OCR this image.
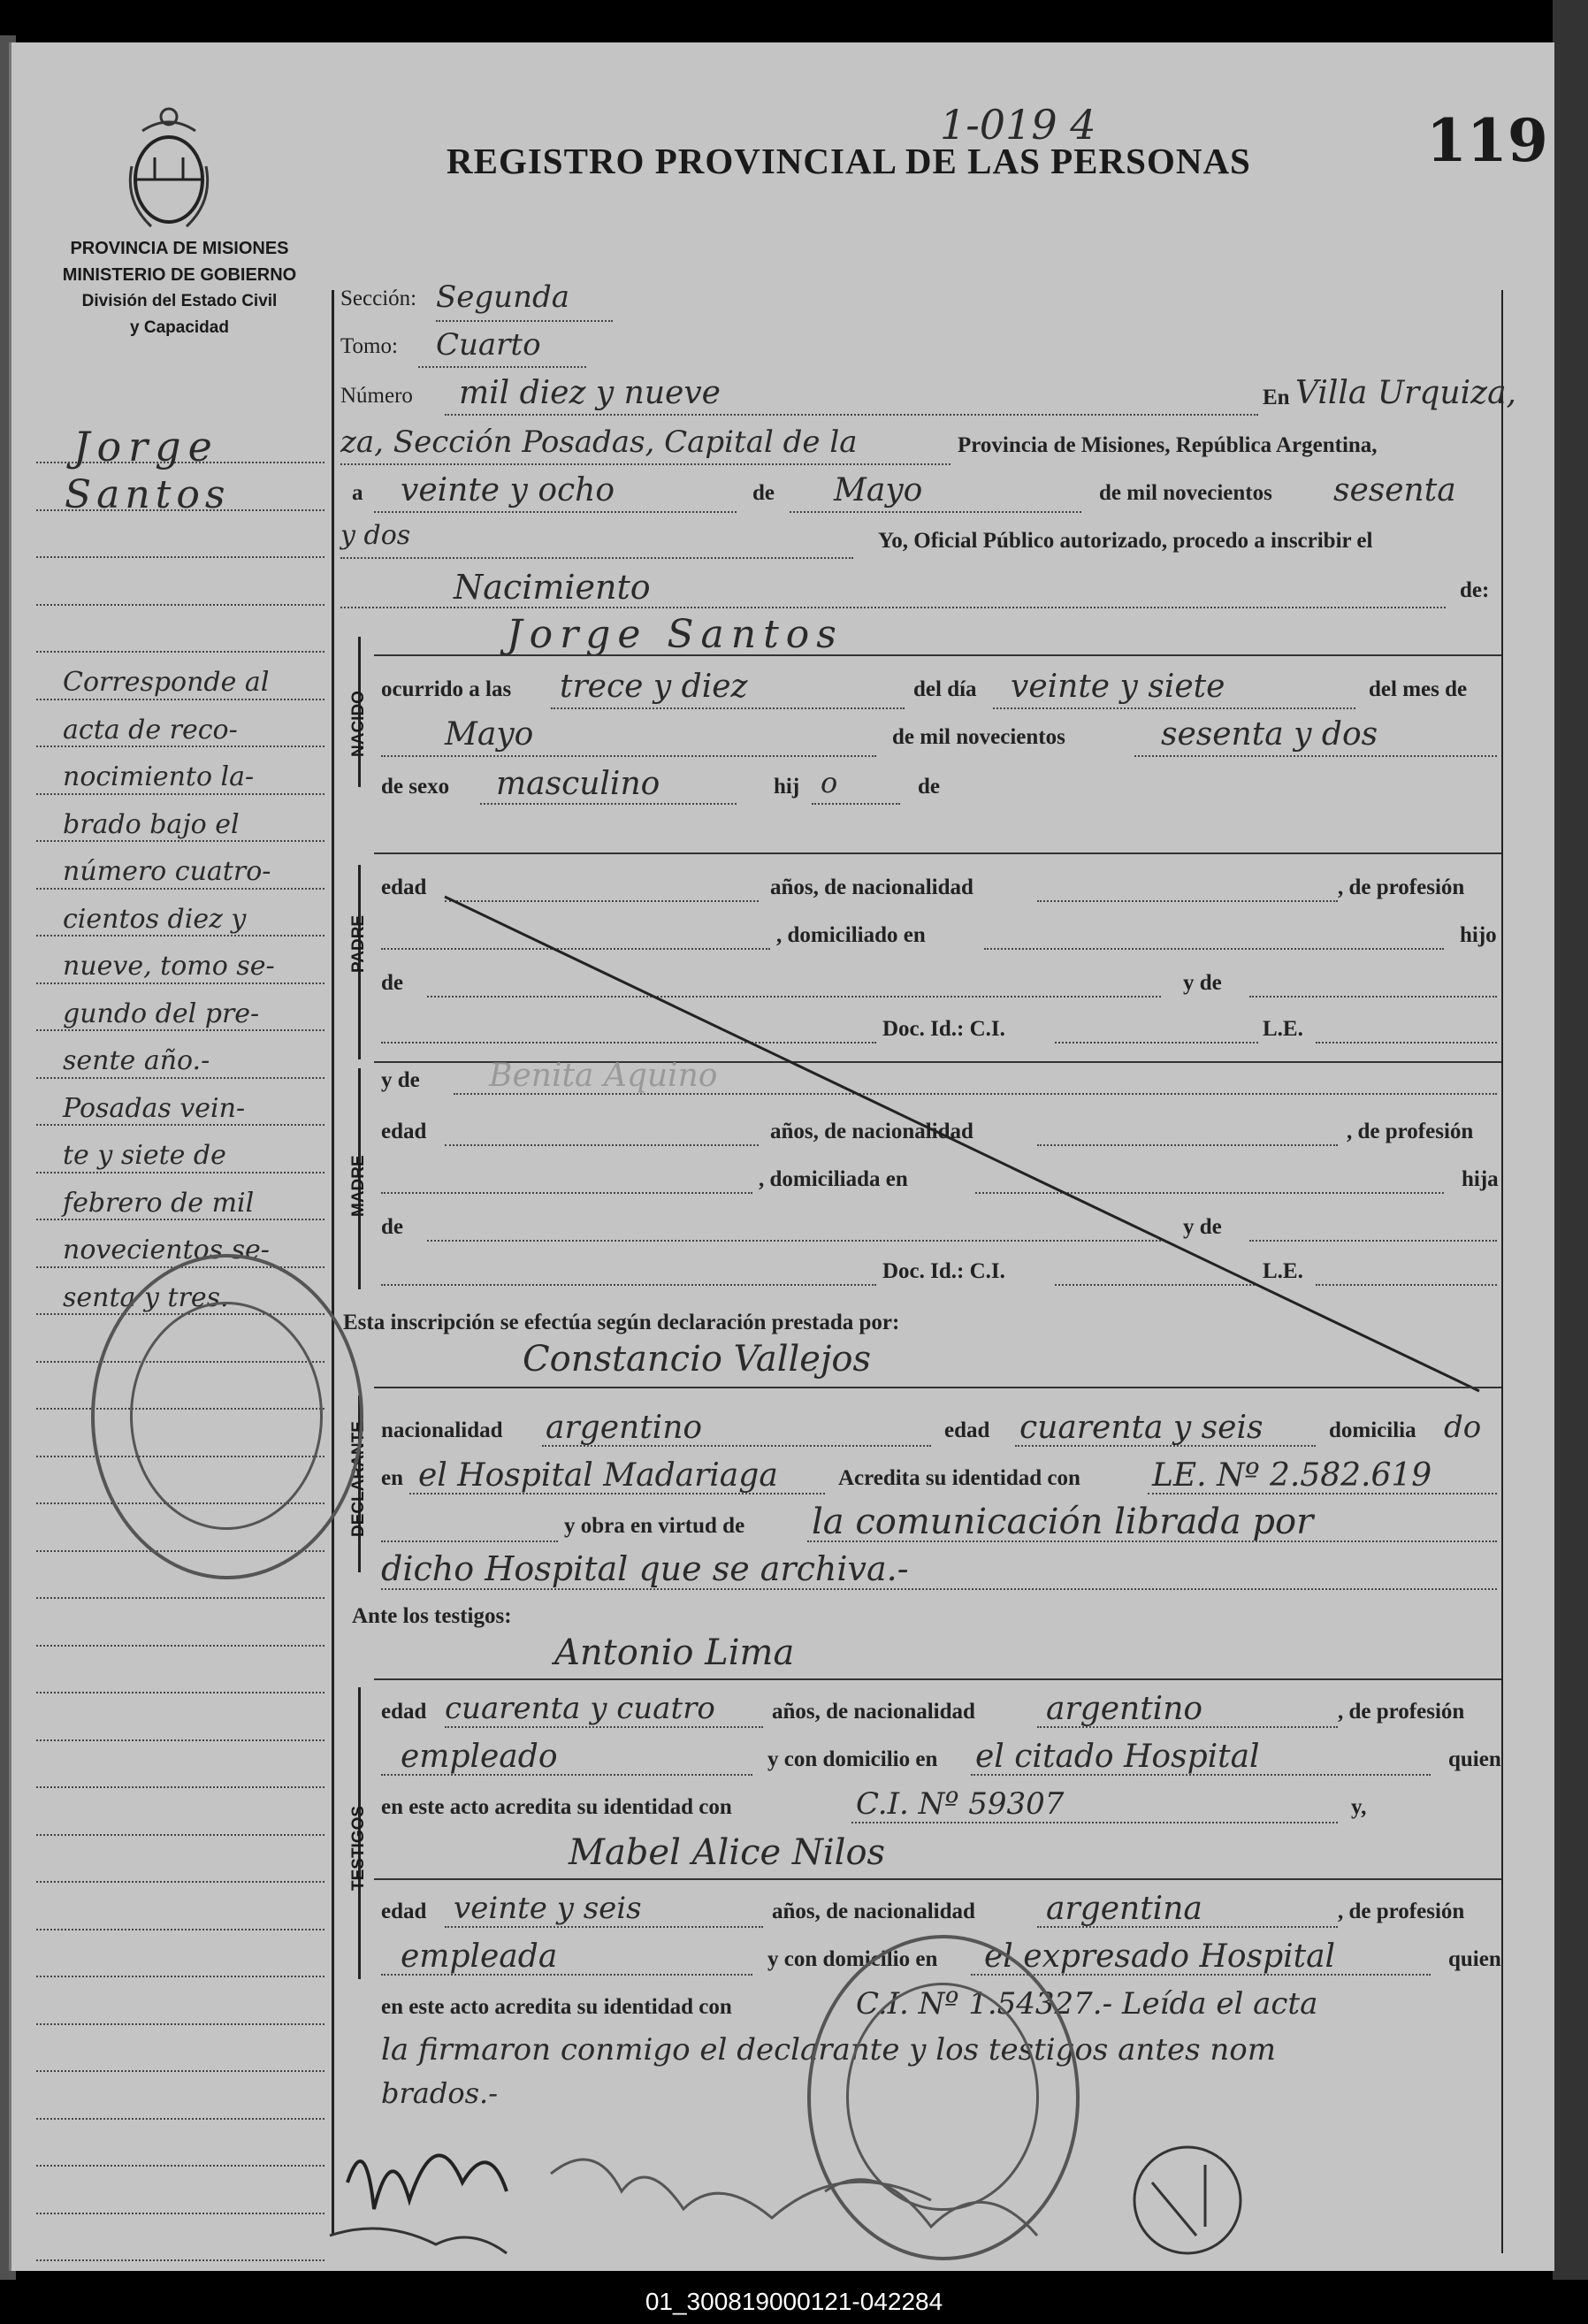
1-019 4
REGISTRO PROVINCIAL DE LAS PERSONAS	119
PROVINCIA DE MISIONES
MINISTERIO DE GOBIERNO
División del Estado Civil
y Capacidad
Jorge
Santos
Corresponde al
acta de reco-
nocimiento la-
brado bajo el
número cuatro-
cientos diez y
nueve, tomo se-
gundo del pre-
sente año.-
Posadas vein-
te y siete de
febrero de mil
novecientos se-
senta y tres.
Sección: Segunda
Tomo: Cuarto
Número mil diez y nueve	En Villa Urquiza,
za, Sección Posadas, Capital de la	Provincia de Misiones, República Argentina,
a veinte y ocho	de Mayo	de mil novecientos sesenta
y dos	Yo, Oficial Público autorizado, procedo a inscribir el
Nacimiento	de:
NACIDO
Jorge Santos
ocurrido a las trece y diez	del día veinte y siete	del mes de
Mayo	de mil novecientos	sesenta y dos
de sexo masculino	hij o	de
PADRE
edad	años, de nacionalidad	, de profesión
, domiciliado en	hijo
de	y de
Doc. Id.: C.I.	L.E.
MADRE
y de Benita Aquino
edad	años, de nacionalidad	, de profesión
, domiciliada en	hija
de	y de
Doc. Id.: C.I.	L.E.
Esta inscripción se efectúa según declaración prestada por:
Constancio Vallejos
DECLARANTE nacionalidad argentino	edad cuarenta y seis	domicilia do
en el Hospital Madariaga	Acredita su identidad con LE. Nº 2.582.619
y obra en virtud de la comunicación librada por
dicho Hospital que se archiva.-
Ante los testigos:
Antonio Lima
TESTIGOS
edad cuarenta y cuatro	años, de nacionalidad argentino	, de profesión
empleado	y con domicilio en el citado Hospital	quien
en este acto acredita su identidad con	C.I. Nº 59307	y,
Mabel Alice Nilos
edad veinte y seis	años, de nacionalidad argentina	, de profesión
empleada	y con domicilio en el expresado Hospital	quien
en este acto acredita su identidad con	C.I. Nº 1.54327.- Leída el acta
la firmaron conmigo el declarante y los testigos antes nom
brados.-
01_300819000121-042284
